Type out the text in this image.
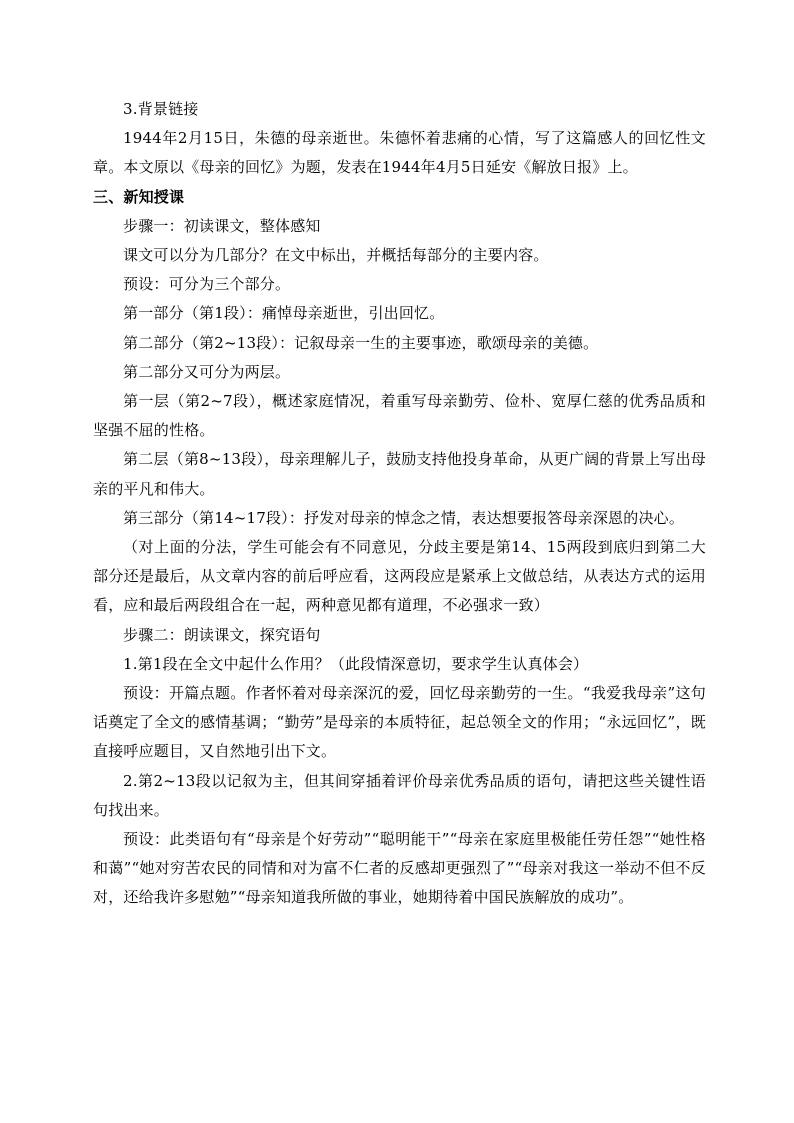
3.背景链接

1944年2月15日，朱德的母亲逝世。朱德怀着悲痛的心情，写了这篇感人的回忆性文章。本文原以《母亲的回忆》为题，发表在1944年4月5日延安《解放日报》上。

三、新知授课

步骤一：初读课文，整体感知

课文可以分为几部分？在文中标出，并概括每部分的主要内容。

预设：可分为三个部分。

第一部分（第1段）：痛悼母亲逝世，引出回忆。

第二部分（第2~13段）：记叙母亲一生的主要事迹，歌颂母亲的美德。

第二部分又可分为两层。

第一层（第2~7段），概述家庭情况，着重写母亲勤劳、俭朴、宽厚仁慈的优秀品质和坚强不屈的性格。

第二层（第8~13段），母亲理解儿子，鼓励支持他投身革命，从更广阔的背景上写出母亲的平凡和伟大。

第三部分（第14~17段）：抒发对母亲的悼念之情，表达想要报答母亲深恩的决心。

（对上面的分法，学生可能会有不同意见，分歧主要是第14、15两段到底归到第二大部分还是最后，从文章内容的前后呼应看，这两段应是紧承上文做总结，从表达方式的运用看，应和最后两段组合在一起，两种意见都有道理，不必强求一致）

步骤二：朗读课文，探究语句

1.第1段在全文中起什么作用？（此段情深意切，要求学生认真体会）

预设：开篇点题。作者怀着对母亲深沉的爱，回忆母亲勤劳的一生。“我爱我母亲”这句话奠定了全文的感情基调；“勤劳”是母亲的本质特征，起总领全文的作用；“永远回忆”，既直接呼应题目，又自然地引出下文。

2.第2~13段以记叙为主，但其间穿插着评价母亲优秀品质的语句，请把这些关键性语句找出来。

预设：此类语句有“母亲是个好劳动”“聪明能干”“母亲在家庭里极能任劳任怨”“她性格和蔼”“她对穷苦农民的同情和对为富不仁者的反感却更强烈了”“母亲对我这一举动不但不反对，还给我许多慰勉”“母亲知道我所做的事业，她期待着中国民族解放的成功”。
